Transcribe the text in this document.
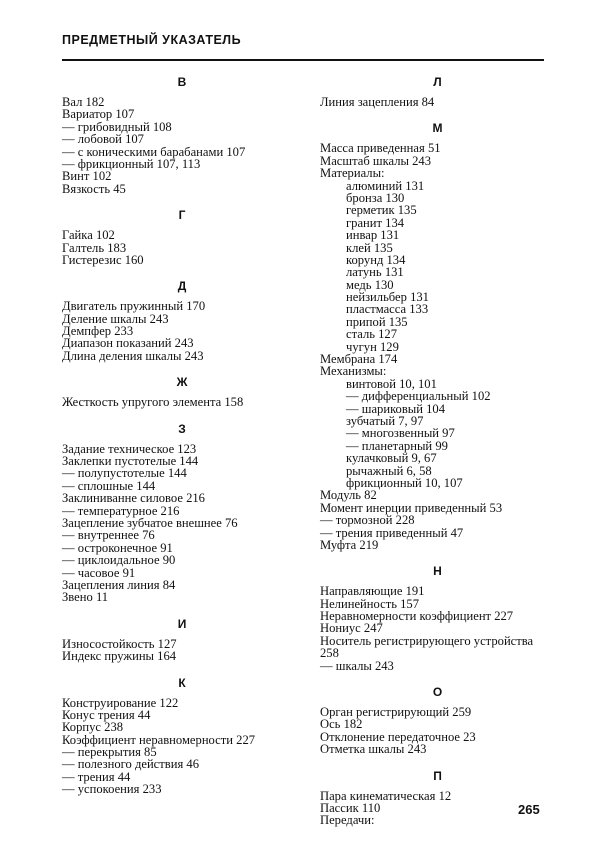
ПРЕДМЕТНЫЙ УКАЗАТЕЛЬ
В
Вал 182
Вариатор 107
— грибовидный 108
— лобовой 107
— с коническими барабанами 107
— фрикционный 107, 113
Винт 102
Вязкость 45
Г
Гайка 102
Галтель 183
Гистерезис 160
Д
Двигатель пружинный 170
Деление шкалы 243
Демпфер 233
Диапазон показаний 243
Длина деления шкалы 243
Ж
Жесткость упругого элемента 158
З
Задание техническое 123
Заклепки пустотелые 144
— полупустотелые 144
— сплошные 144
Заклиниванне силовое 216
— температурное 216
Зацепление зубчатое внешнее 76
— внутреннее 76
— остроконечное 91
— циклоидальное 90
— часовое 91
Зацепления линия 84
Звено 11
И
Износостойкость 127
Индекс пружины 164
К
Конструирование 122
Конус трения 44
Корпус 238
Коэффициент неравномерности 227
— перекрытия 85
— полезного действия 46
— трения 44
— успокоения 233
Л
Линия зацепления 84
М
Масса приведенная 51
Масштаб шкалы 243
Материалы:
алюминий 131
бронза 130
герметик 135
гранит 134
инвар 131
клей 135
корунд 134
латунь 131
медь 130
нейзильбер 131
пластмасса 133
припой 135
сталь 127
чугун 129
Мембрана 174
Механизмы:
винтовой 10, 101
— дифференциальный 102
— шариковый 104
зубчатый 7, 97
— многозвенный 97
— планетарный 99
кулачковый 9, 67
рычажный 6, 58
фрикционный 10, 107
Модуль 82
Момент инерции приведенный 53
— тормозной 228
— трения приведенный 47
Муфта 219
Н
Направляющие 191
Нелинейность 157
Неравномерности коэффициент 227
Нониус 247
Носитель регистрирующего устройства 258
— шкалы 243
О
Орган регистрирующий 259
Ось 182
Отклонение передаточное 23
Отметка шкалы 243
П
Пара кинематическая 12
Пассик 110
Передачи:
265
